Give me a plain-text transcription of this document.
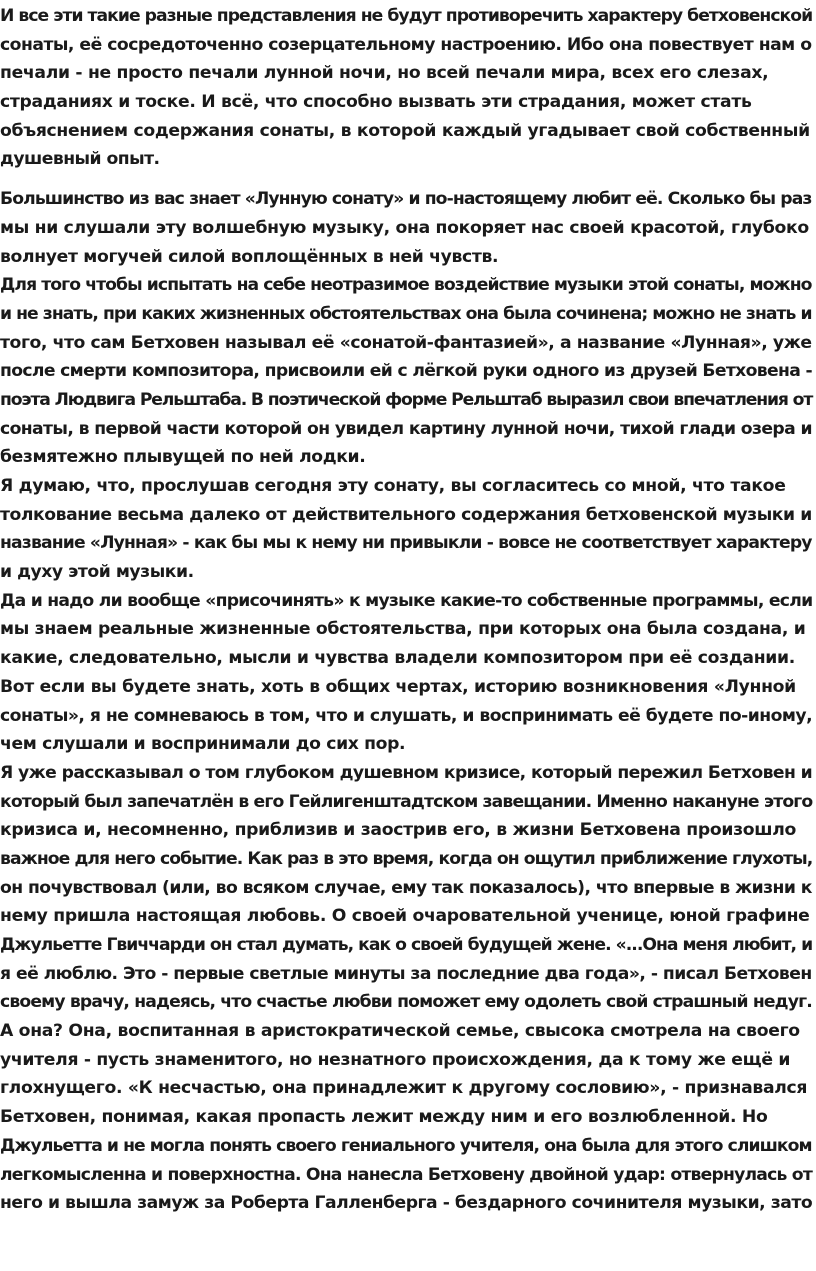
И все эти такие разные представления не будут противоречить характеру бетховенской
сонаты, её сосредоточенно созерцательному настроению. Ибо она повествует нам о
печали - не просто печали лунной ночи, но всей печали мира, всех его слезах,
страданиях и тоске. И всё, что способно вызвать эти страдания, может стать
объяснением содержания сонаты, в которой каждый угадывает свой собственный
душевный опыт.
Большинство из вас знает «Лунную сонату» и по-настоящему любит её. Сколько бы раз
мы ни слушали эту волшебную музыку, она покоряет нас своей красотой, глубоко
волнует могучей силой воплощённых в ней чувств.
Для того чтобы испытать на себе неотразимое воздействие музыки этой сонаты, можно
и не знать, при каких жизненных обстоятельствах она была сочинена; можно не знать и
того, что сам Бетховен называл её «сонатой-фантазией», а название «Лунная», уже
после смерти композитора, присвоили ей с лёгкой руки одного из друзей Бетховена -
поэта Людвига Рельштаба. В поэтической форме Рельштаб выразил свои впечатления от
сонаты, в первой части которой он увидел картину лунной ночи, тихой глади озера и
безмятежно плывущей по ней лодки.
Я думаю, что, прослушав сегодня эту сонату, вы согласитесь со мной, что такое
толкование весьма далеко от действительного содержания бетховенской музыки и
название «Лунная» - как бы мы к нему ни привыкли - вовсе не соответствует характеру
и духу этой музыки.
Да и надо ли вообще «присочинять» к музыке какие-то собственные программы, если
мы знаем реальные жизненные обстоятельства, при которых она была создана, и
какие, следовательно, мысли и чувства владели композитором при её создании.
Вот если вы будете знать, хоть в общих чертах, историю возникновения «Лунной
сонаты», я не сомневаюсь в том, что и слушать, и воспринимать её будете по-иному,
чем слушали и воспринимали до сих пор.
Я уже рассказывал о том глубоком душевном кризисе, который пережил Бетховен и
который был запечатлён в его Гейлигенштадтском завещании. Именно накануне этого
кризиса и, несомненно, приблизив и заострив его, в жизни Бетховена произошло
важное для него событие. Как раз в это время, когда он ощутил приближение глухоты,
он почувствовал (или, во всяком случае, ему так показалось), что впервые в жизни к
нему пришла настоящая любовь. О своей очаровательной ученице, юной графине
Джульетте Гвиччарди он стал думать, как о своей будущей жене. «...Она меня любит, и
я её люблю. Это - первые светлые минуты за последние два года», - писал Бетховен
своему врачу, надеясь, что счастье любви поможет ему одолеть свой страшный недуг.
А она? Она, воспитанная в аристократической семье, свысока смотрела на своего
учителя - пусть знаменитого, но незнатного происхождения, да к тому же ещё и
глохнущего. «К несчастью, она принадлежит к другому сословию», - признавался
Бетховен, понимая, какая пропасть лежит между ним и его возлюбленной. Но
Джульетта и не могла понять своего гениального учителя, она была для этого слишком
легкомысленна и поверхностна. Она нанесла Бетховену двойной удар: отвернулась от
него и вышла замуж за Роберта Галленберга - бездарного сочинителя музыки, зато
